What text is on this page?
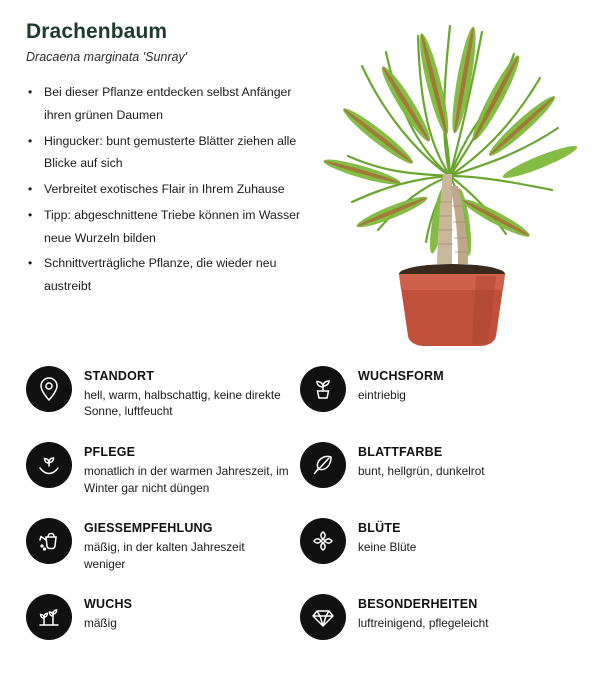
Drachenbaum
Dracaena marginata 'Sunray'
• Bei dieser Pflanze entdecken selbst Anfänger ihren grünen Daumen
• Hingucker: bunt gemusterte Blätter ziehen alle Blicke auf sich
• Verbreitet exotisches Flair in Ihrem Zuhause
• Tipp: abgeschnittene Triebe können im Wasser neue Wurzeln bilden
• Schnittverträgliche Pflanze, die wieder neu austreibt
STANDORT
hell, warm, halbschattig, keine direkte Sonne, luftfeucht
WUCHSFORM
eintriebig
PFLEGE
monatlich in der warmen Jahreszeit, im Winter gar nicht düngen
BLATTFARBE
bunt, hellgrün, dunkelrot
GIESSEMPFEHLUNG
mäßig, in der kalten Jahreszeit weniger
BLÜTE
keine Blüte
WUCHS
mäßig
BESONDERHEITEN
luftreinigend, pflegeleicht
